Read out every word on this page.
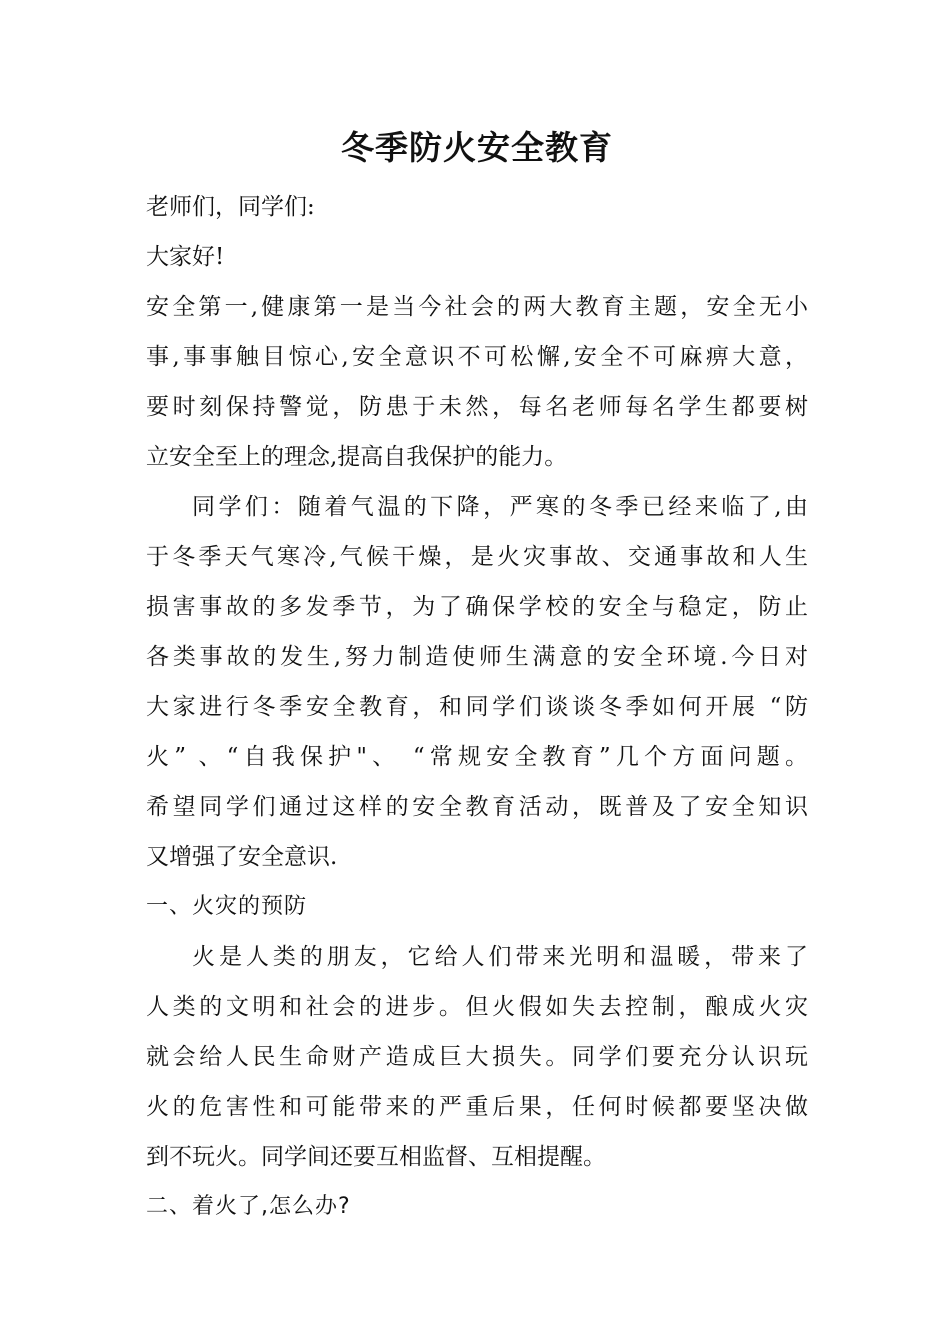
冬季防火安全教育

老师们，同学们:

大家好!

安全第一,健康第一是当今社会的两大教育主题，安全无小

事,事事触目惊心,安全意识不可松懈,安全不可麻痹大意，

要时刻保持警觉，防患于未然，每名老师每名学生都要树

立安全至上的理念,提高自我保护的能力。

同学们：随着气温的下降，严寒的冬季已经来临了,由

于冬季天气寒冷,气候干燥，是火灾事故、交通事故和人生

损害事故的多发季节，为了确保学校的安全与稳定，防止

各类事故的发生,努力制造使师生满意的安全环境.今日对

大家进行冬季安全教育，和同学们谈谈冬季如何开展 “防

火” 、“自我保护"、 “常规安全教育”几个方面问题。

希望同学们通过这样的安全教育活动，既普及了安全知识

又增强了安全意识.

一、火灾的预防

火是人类的朋友，它给人们带来光明和温暖，带来了

人类的文明和社会的进步。但火假如失去控制，酿成火灾

就会给人民生命财产造成巨大损失。同学们要充分认识玩

火的危害性和可能带来的严重后果，任何时候都要坚决做

到不玩火。同学间还要互相监督、互相提醒。

二、着火了,怎么办?
